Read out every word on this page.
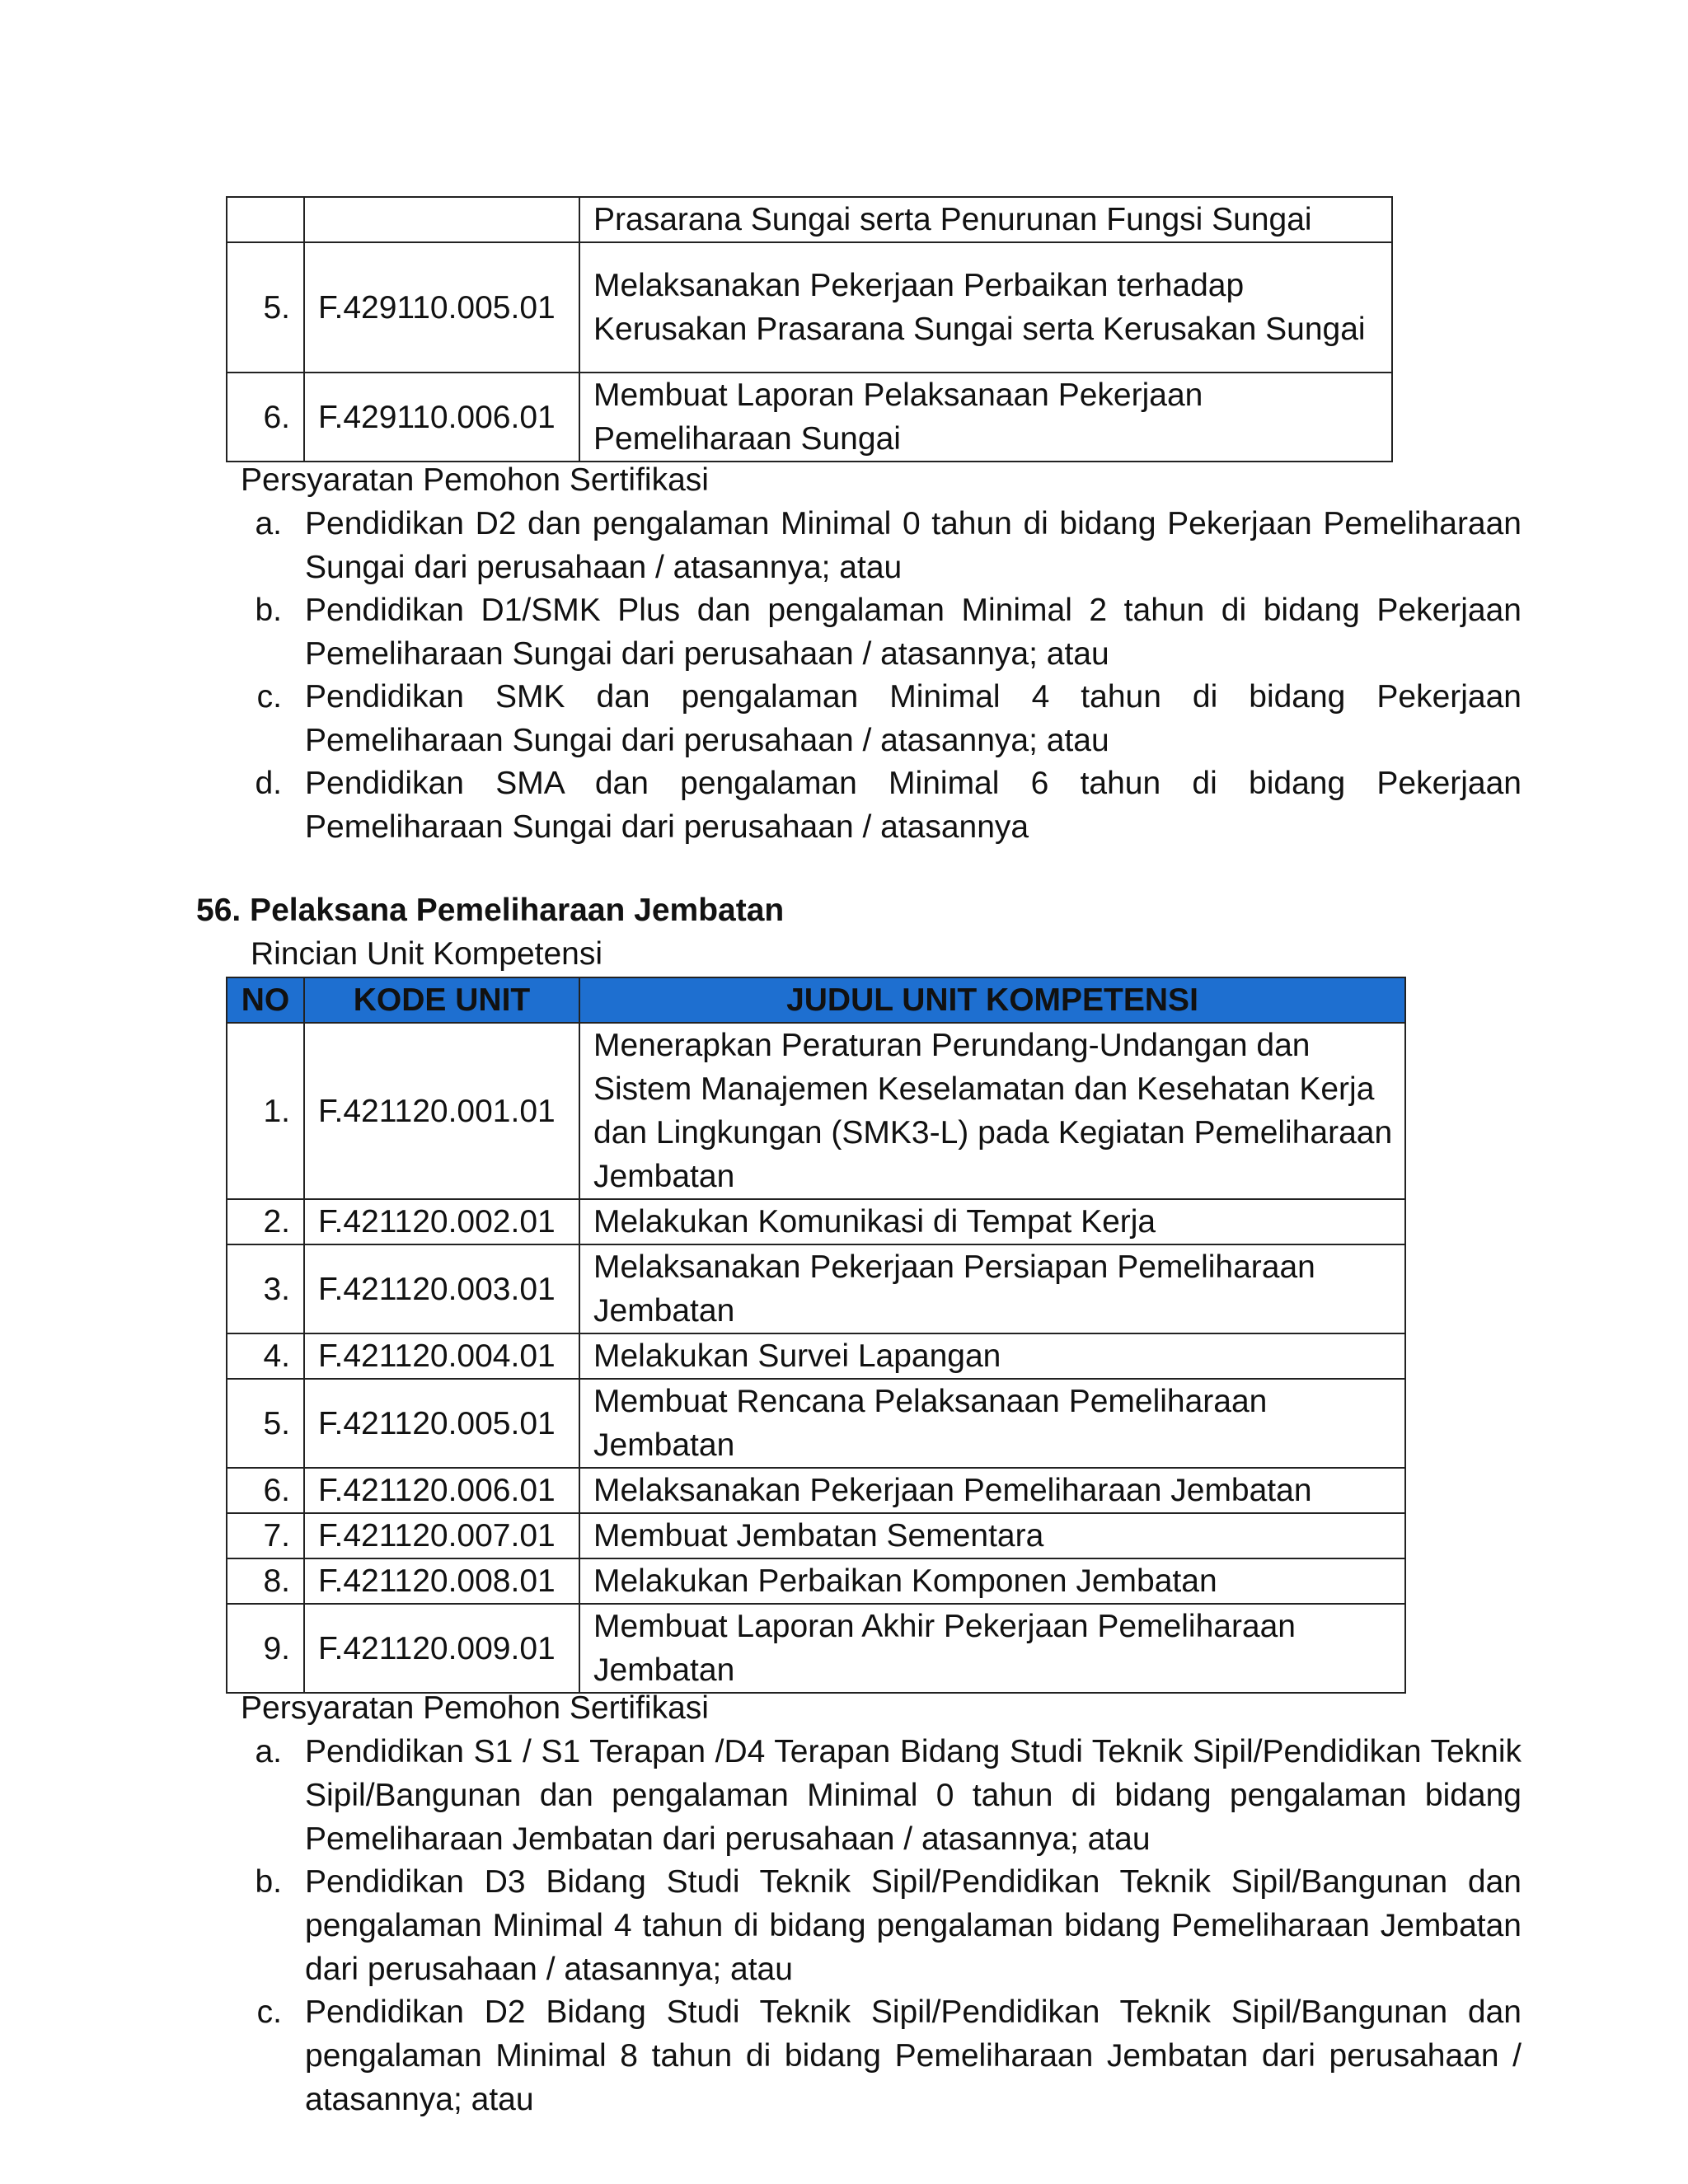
		Prasarana Sungai serta Penurunan Fungsi Sungai
5.	F.429110.005.01	Melaksanakan Pekerjaan Perbaikan terhadap Kerusakan Prasarana Sungai serta Kerusakan Sungai
6.	F.429110.006.01	Membuat Laporan Pelaksanaan Pekerjaan Pemeliharaan Sungai
Persyaratan Pemohon Sertifikasi
a. Pendidikan D2 dan pengalaman Minimal 0 tahun di bidang Pekerjaan Pemeliharaan Sungai dari perusahaan / atasannya; atau
b. Pendidikan D1/SMK Plus dan pengalaman Minimal 2 tahun di bidang Pekerjaan Pemeliharaan Sungai dari perusahaan / atasannya; atau
c. Pendidikan SMK dan pengalaman Minimal 4 tahun di bidang Pekerjaan Pemeliharaan Sungai dari perusahaan / atasannya; atau
d. Pendidikan SMA dan pengalaman Minimal 6 tahun di bidang Pekerjaan Pemeliharaan Sungai dari perusahaan / atasannya
56. Pelaksana Pemeliharaan Jembatan
Rincian Unit Kompetensi
NO	KODE UNIT	JUDUL UNIT KOMPETENSI
1.	F.421120.001.01	Menerapkan Peraturan Perundang-Undangan dan Sistem Manajemen Keselamatan dan Kesehatan Kerja dan Lingkungan (SMK3-L) pada Kegiatan Pemeliharaan Jembatan
2.	F.421120.002.01	Melakukan Komunikasi di Tempat Kerja
3.	F.421120.003.01	Melaksanakan Pekerjaan Persiapan Pemeliharaan Jembatan
4.	F.421120.004.01	Melakukan Survei Lapangan
5.	F.421120.005.01	Membuat Rencana Pelaksanaan Pemeliharaan Jembatan
6.	F.421120.006.01	Melaksanakan Pekerjaan Pemeliharaan Jembatan
7.	F.421120.007.01	Membuat Jembatan Sementara
8.	F.421120.008.01	Melakukan Perbaikan Komponen Jembatan
9.	F.421120.009.01	Membuat Laporan Akhir Pekerjaan Pemeliharaan Jembatan
Persyaratan Pemohon Sertifikasi
a. Pendidikan S1 / S1 Terapan /D4 Terapan Bidang Studi Teknik Sipil/Pendidikan Teknik Sipil/Bangunan dan pengalaman Minimal 0 tahun di bidang pengalaman bidang Pemeliharaan Jembatan dari perusahaan / atasannya; atau
b. Pendidikan D3 Bidang Studi Teknik Sipil/Pendidikan Teknik Sipil/Bangunan dan pengalaman Minimal 4 tahun di bidang pengalaman bidang Pemeliharaan Jembatan dari perusahaan / atasannya; atau
c. Pendidikan D2 Bidang Studi Teknik Sipil/Pendidikan Teknik Sipil/Bangunan dan pengalaman Minimal 8 tahun di bidang Pemeliharaan Jembatan dari perusahaan / atasannya; atau
